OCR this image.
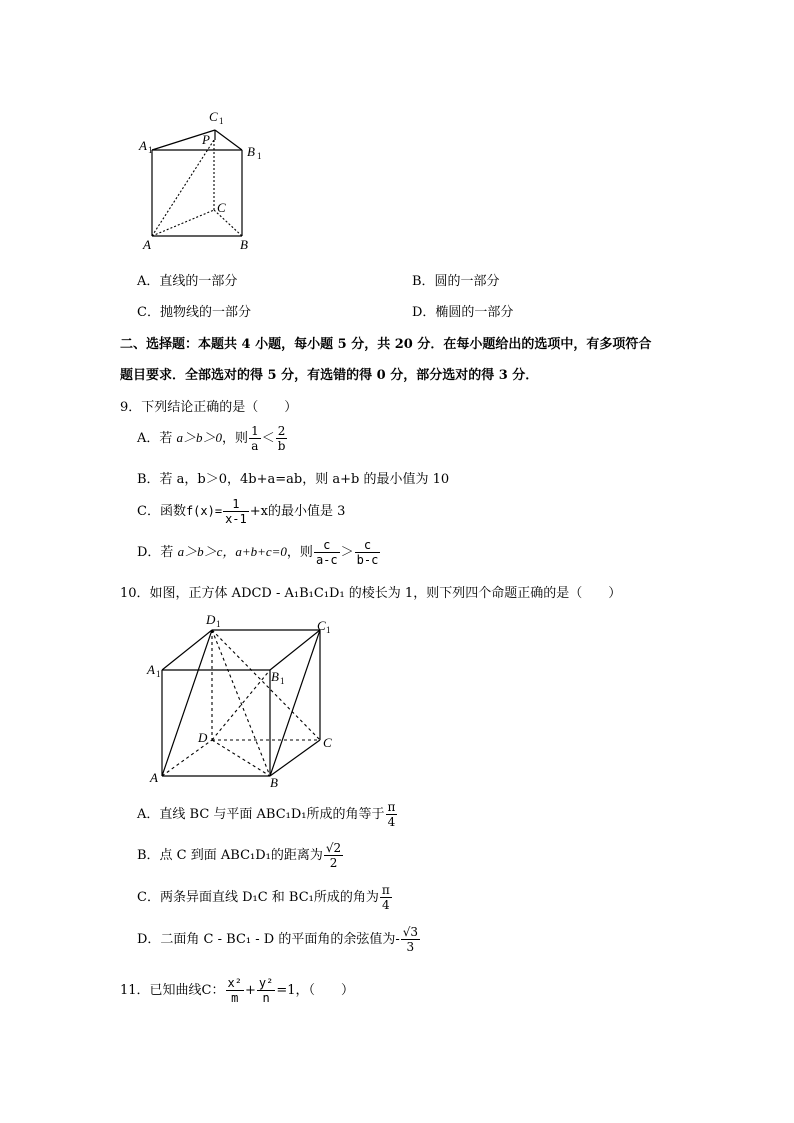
C 1
A 1
P
B 1
C
A	B
A．直线的一部分	B．圆的一部分
C．抛物线的一部分	D．椭圆的一部分
二、选择题：本题共 4 小题，每小题 5 分，共 20 分．在每小题给出的选项中，有多项符合
题目要求．全部选对的得 5 分，有选错的得 0 分，部分选对的得 3 分．
9．下列结论正确的是（　　）
A．若 a＞b＞0，则 $\frac{1}{a} < \frac{2}{b}$
B．若 a，b＞0，4b+a=ab，则 a+b 的最小值为 10
C．函数$f(x)= \frac{1}{x-1} +x$的最小值是 3
D．若 a＞b＞c，a+b+c=0，则 $\frac{c}{a-c} > \frac{c}{b-c}$
10．如图，正方体 ADCD - A₁B₁C₁D₁ 的棱长为 1，则下列四个命题正确的是（　　）
D 1	C 1
A 1	B 1
D	C
A	B
A．直线 BC 与平面 ABC₁D₁所成的角等于 $\frac{\pi}{4}$
B．点 C 到面 ABC₁D₁的距离为 $\frac{√2}{2}$
C．两条异面直线 D₁C 和 BC₁所成的角为 $\frac{\pi}{4}$
D．二面角 C - BC₁ - D 的平面角的余弦值为- $\frac{√3}{3}$
11．已知曲线C： $\frac{\text{x²}}{m} + \frac{\text{y²}}{n} =1$，（　　）
